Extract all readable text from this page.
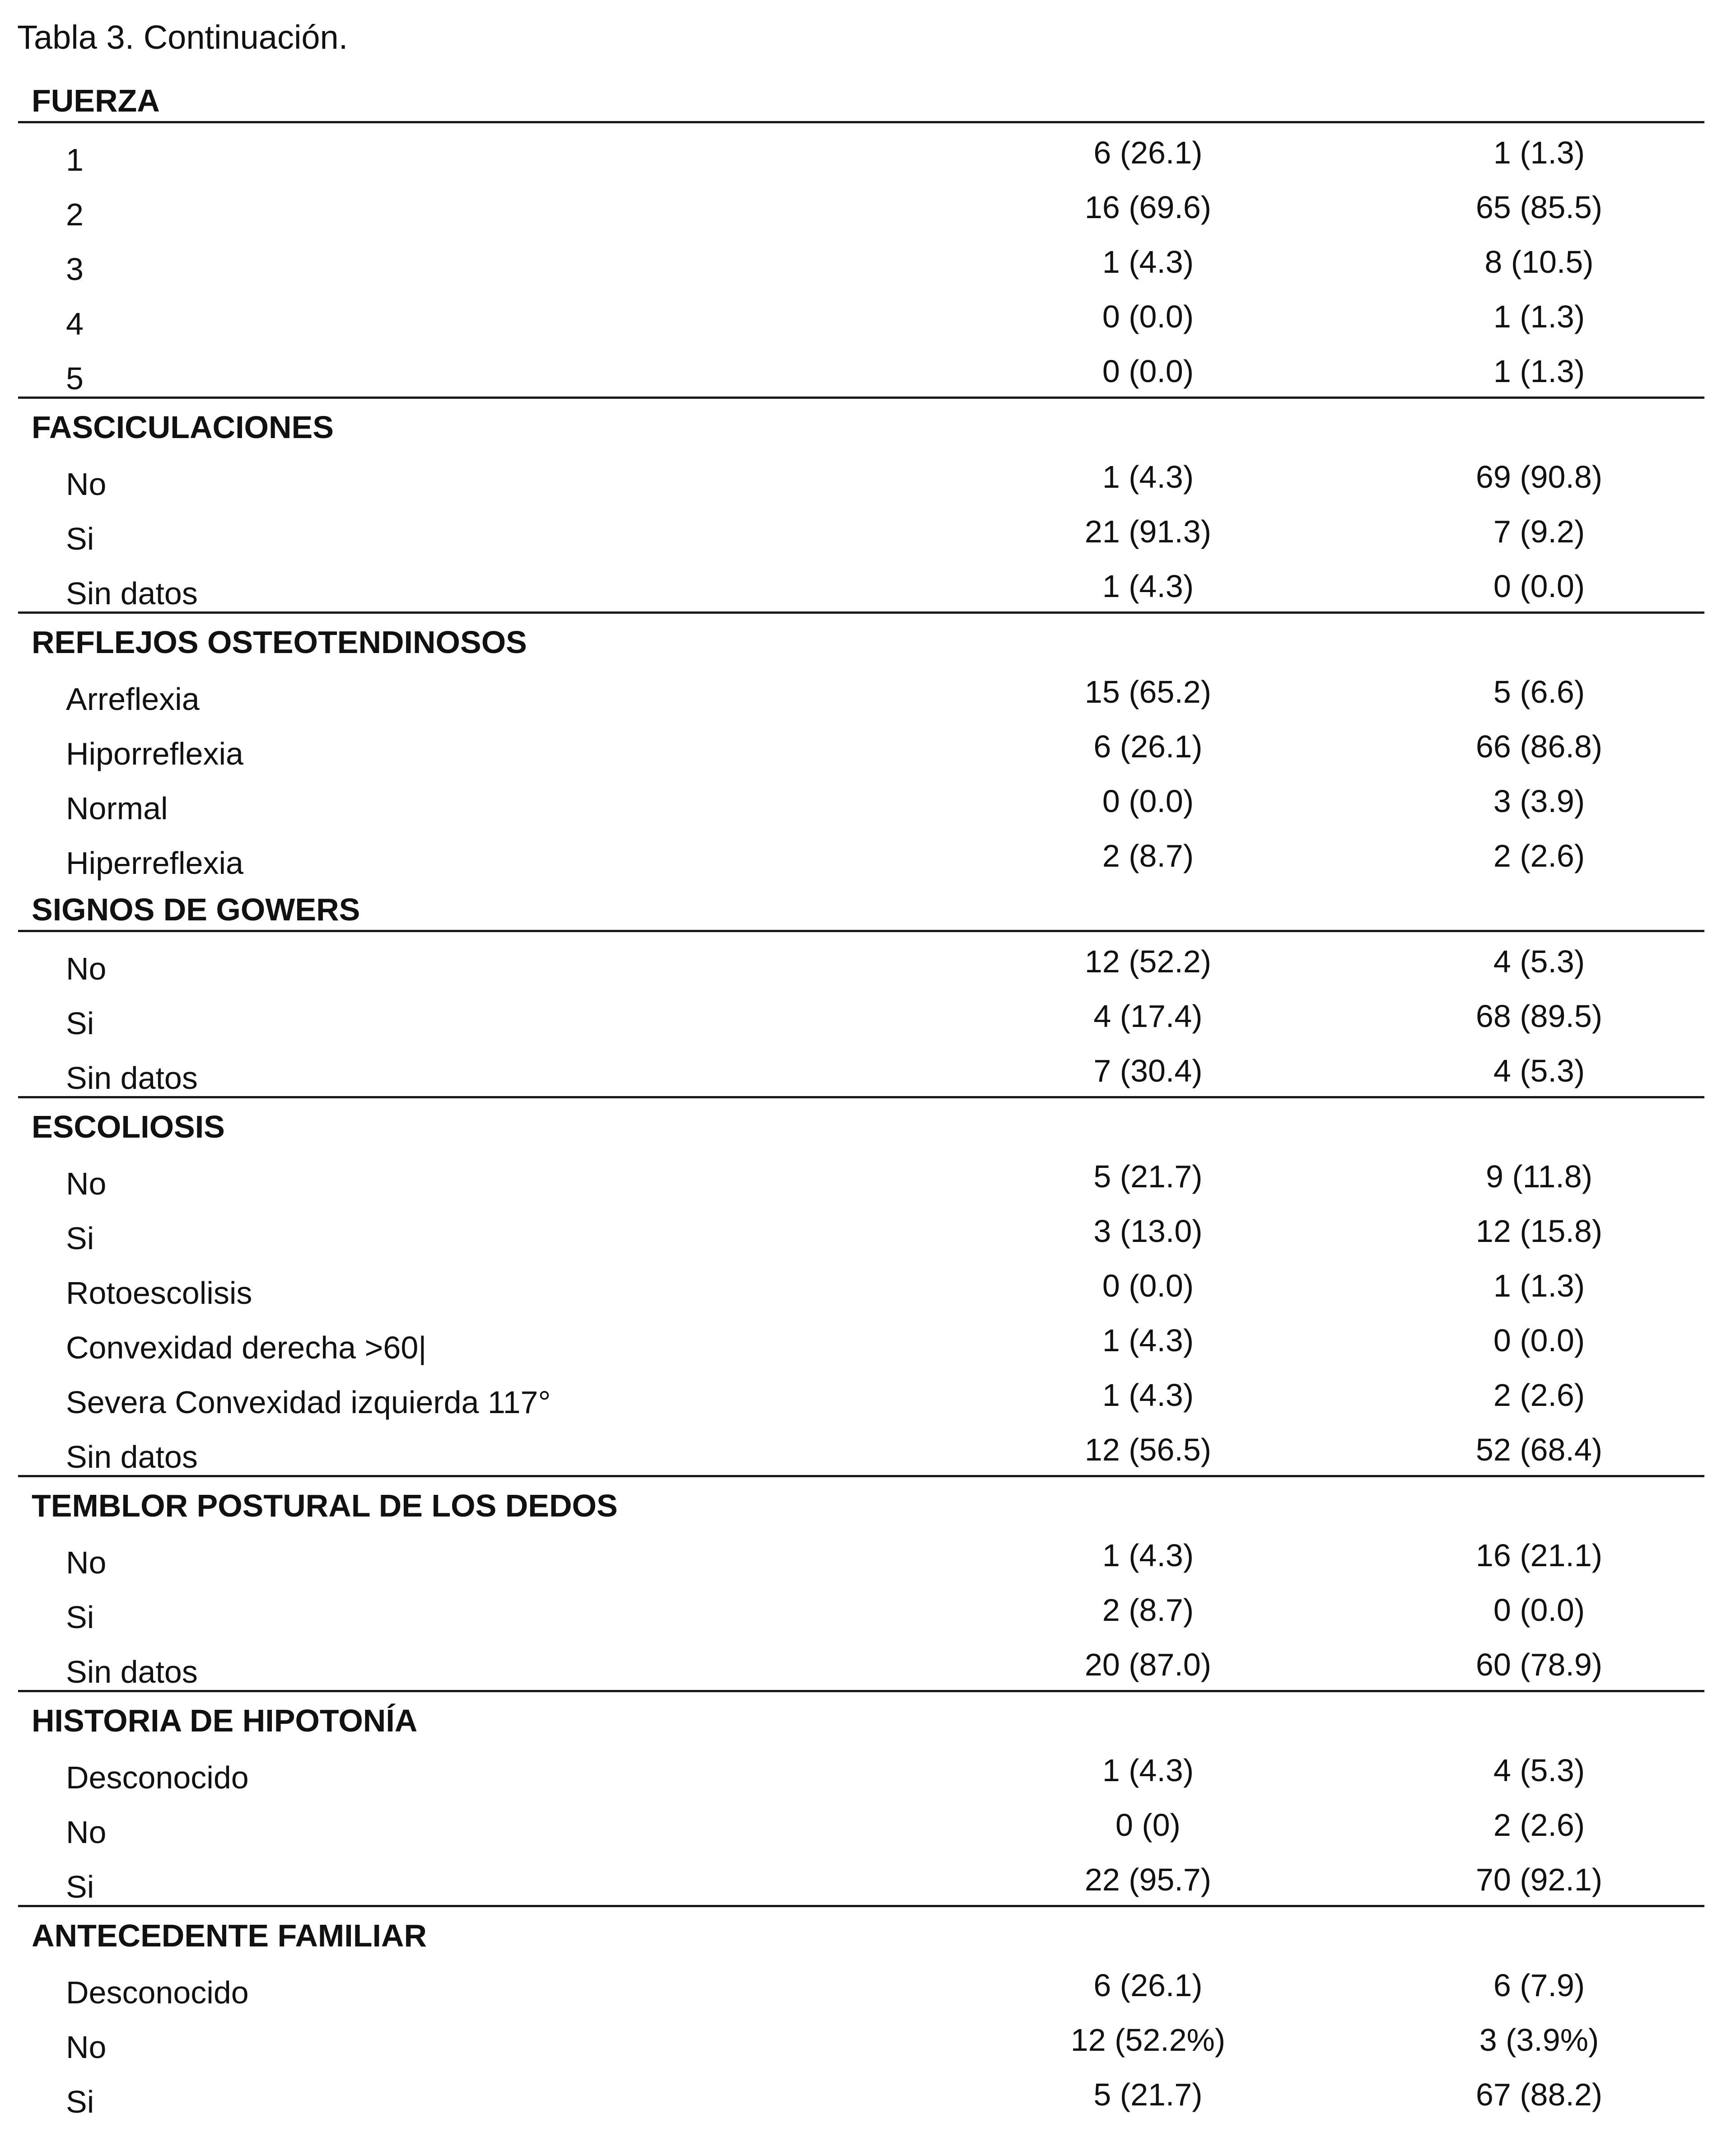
Tabla 3. Continuación.
FUERZA
1	6 (26.1)	1 (1.3)
2	16 (69.6)	65 (85.5)
3	1 (4.3)	8 (10.5)
4	0 (0.0)	1 (1.3)
5	0 (0.0)	1 (1.3)
FASCICULACIONES
No	1 (4.3)	69 (90.8)
Si	21 (91.3)	7 (9.2)
Sin datos	1 (4.3)	0 (0.0)
REFLEJOS OSTEOTENDINOSOS
Arreflexia	15 (65.2)	5 (6.6)
Hiporreflexia	6 (26.1)	66 (86.8)
Normal	0 (0.0)	3 (3.9)
Hiperreflexia	2 (8.7)	2 (2.6)
SIGNOS DE GOWERS
No	12 (52.2)	4 (5.3)
Si	4 (17.4)	68 (89.5)
Sin datos	7 (30.4)	4 (5.3)
ESCOLIOSIS
No	5 (21.7)	9 (11.8)
Si	3 (13.0)	12 (15.8)
Rotoescolisis	0 (0.0)	1 (1.3)
Convexidad derecha >60|	1 (4.3)	0 (0.0)
Severa Convexidad izquierda 117°	1 (4.3)	2 (2.6)
Sin datos	12 (56.5)	52 (68.4)
TEMBLOR POSTURAL DE LOS DEDOS
No	1 (4.3)	16 (21.1)
Si	2 (8.7)	0 (0.0)
Sin datos	20 (87.0)	60 (78.9)
HISTORIA DE HIPOTONÍA
Desconocido	1 (4.3)	4 (5.3)
No	0 (0)	2 (2.6)
Si	22 (95.7)	70 (92.1)
ANTECEDENTE FAMILIAR
Desconocido	6 (26.1)	6 (7.9)
No	12 (52.2%)	3 (3.9%)
Si	5 (21.7)	67 (88.2)
